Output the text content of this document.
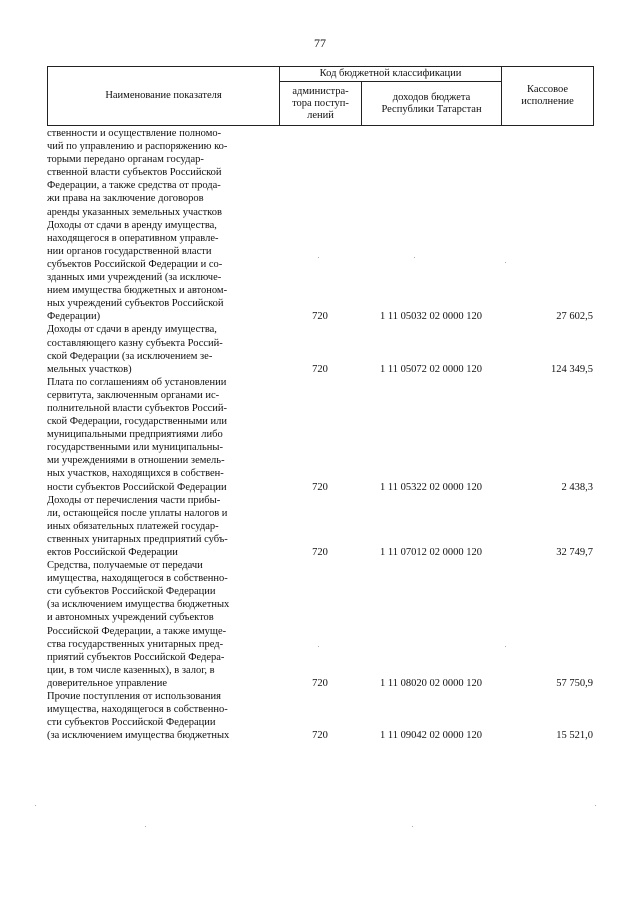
77
Наименование показателя	Код бюджетной классификации		Кассовое
исполнение
	администра-
тора поступ-
лений	доходов бюджета
Республики Татарстан	
ственности и осуществление полномо-
чий по управлению и распоряжению ко-
торыми передано органам государ-
ственной власти субъектов Российской
Федерации, а также средства от прода-
жи права на заключение договоров
аренды указанных земельных участков
Доходы от сдачи в аренду имущества,
находящегося в оперативном управле-
нии органов государственной власти
субъектов Российской Федерации и со-
зданных ими учреждений (за исключе-
нием имущества бюджетных и автоном-
ных учреждений субъектов Российской
Федерации)	720	1 11 05032 02 0000 120	27 602,5
Доходы от сдачи в аренду имущества,
составляющего казну субъекта Россий-
ской Федерации (за исключением зе-
мельных участков)	720	1 11 05072 02 0000 120	124 349,5
Плата по соглашениям об установлении
сервитута, заключенным органами ис-
полнительной власти субъектов Россий-
ской Федерации, государственными или
муниципальными предприятиями либо
государственными или муниципальны-
ми учреждениями в отношении земель-
ных участков, находящихся в собствен-
ности субъектов Российской Федерации	720	1 11 05322 02 0000 120	2 438,3
Доходы от перечисления части прибы-
ли, остающейся после уплаты налогов и
иных обязательных платежей государ-
ственных унитарных предприятий субъ-
ектов Российской Федерации	720	1 11 07012 02 0000 120	32 749,7
Средства, получаемые от передачи
имущества, находящегося в собственно-
сти субъектов Российской Федерации
(за исключением имущества бюджетных
и автономных учреждений субъектов
Российской Федерации, а также имуще-
ства государственных унитарных пред-
приятий субъектов Российской Федера-
ции, в том числе казенных), в залог, в
доверительное управление	720	1 11 08020 02 0000 120	57 750,9
Прочие поступления от использования
имущества, находящегося в собственно-
сти субъектов Российской Федерации
(за исключением имущества бюджетных	720	1 11 09042 02 0000 120	15 521,0
